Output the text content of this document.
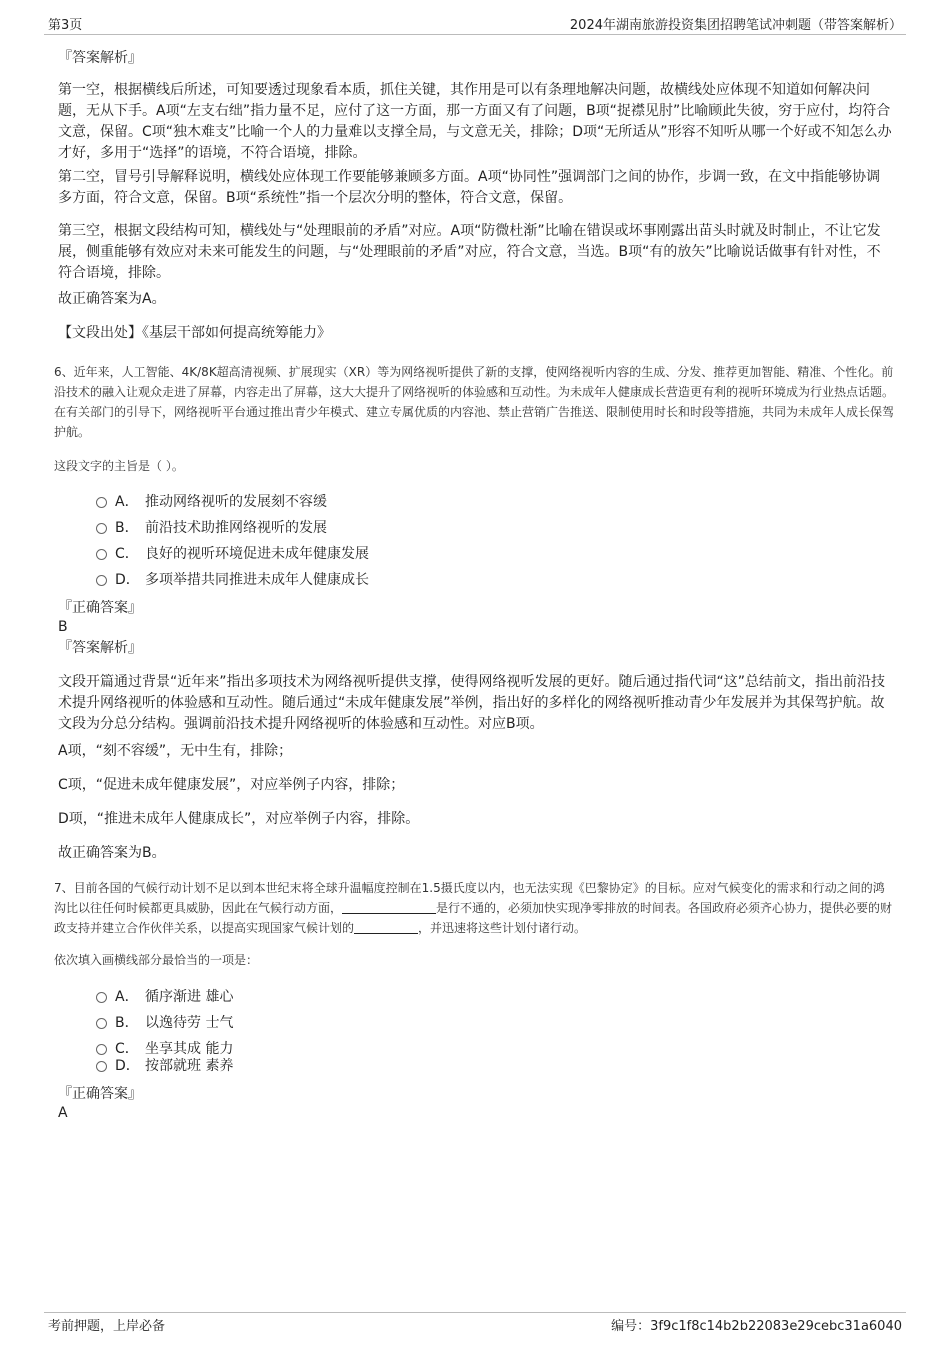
第3页	2024年湖南旅游投资集团招聘笔试冲刺题（带答案解析）
『答案解析』
第一空，根据横线后所述，可知要透过现象看本质，抓住关键，其作用是可以有条理地解决问题，故横线处应体现不知道如何解决问题，无从下手。A项“左支右绌”指力量不足，应付了这一方面，那一方面又有了问题，B项“捉襟见肘”比喻顾此失彼，穷于应付，均符合文意，保留。C项“独木难支”比喻一个人的力量难以支撑全局，与文意无关，排除；D项“无所适从”形容不知听从哪一个好或不知怎么办才好，多用于“选择”的语境，不符合语境，排除。
第二空，冒号引导解释说明，横线处应体现工作要能够兼顾多方面。A项“协同性”强调部门之间的协作，步调一致，在文中指能够协调多方面，符合文意，保留。B项“系统性”指一个层次分明的整体，符合文意，保留。
第三空，根据文段结构可知，横线处与“处理眼前的矛盾”对应。A项“防微杜渐”比喻在错误或坏事刚露出苗头时就及时制止，不让它发展，侧重能够有效应对未来可能发生的问题，与“处理眼前的矛盾”对应，符合文意，当选。B项“有的放矢”比喻说话做事有针对性，不符合语境，排除。
故正确答案为A。
【文段出处】《基层干部如何提高统筹能力》
6、近年来，人工智能、4K/8K超高清视频、扩展现实（XR）等为网络视听提供了新的支撑，使网络视听内容的生成、分发、推荐更加智能、精准、个性化。前沿技术的融入让观众走进了屏幕，内容走出了屏幕，这大大提升了网络视听的体验感和互动性。为未成年人健康成长营造更有利的视听环境成为行业热点话题。在有关部门的引导下，网络视听平台通过推出青少年模式、建立专属优质的内容池、禁止营销广告推送、限制使用时长和时段等措施，共同为未成年人成长保驾护航。
这段文字的主旨是（ ）。
A． 推动网络视听的发展刻不容缓
B． 前沿技术助推网络视听的发展
C． 良好的视听环境促进未成年健康发展
D． 多项举措共同推进未成年人健康成长
『正确答案』
B
『答案解析』
文段开篇通过背景“近年来”指出多项技术为网络视听提供支撑，使得网络视听发展的更好。随后通过指代词“这”总结前文，指出前沿技术提升网络视听的体验感和互动性。随后通过“未成年健康发展”举例，指出好的多样化的网络视听推动青少年发展并为其保驾护航。故文段为分总分结构。强调前沿技术提升网络视听的体验感和互动性。对应B项。
A项，“刻不容缓”，无中生有，排除；
C项，“促进未成年健康发展”，对应举例子内容，排除；
D项，“推进未成年人健康成长”，对应举例子内容，排除。
故正确答案为B。
7、目前各国的气候行动计划不足以到本世纪末将全球升温幅度控制在1.5摄氏度以内，也无法实现《巴黎协定》的目标。应对气候变化的需求和行动之间的鸿沟比以往任何时候都更具威胁，因此在气候行动方面，	是行不通的，必须加快实现净零排放的时间表。各国政府必须齐心协力，提供必要的财政支持并建立合作伙伴关系，以提高实现国家气候计划的	，并迅速将这些计划付诸行动。
依次填入画横线部分最恰当的一项是：
A． 循序渐进 雄心
B． 以逸待劳 士气
C． 坐享其成 能力
D． 按部就班 素养
『正确答案』
A
考前押题，上岸必备	编号：3f9c1f8c14b2b22083e29cebc31a6040
